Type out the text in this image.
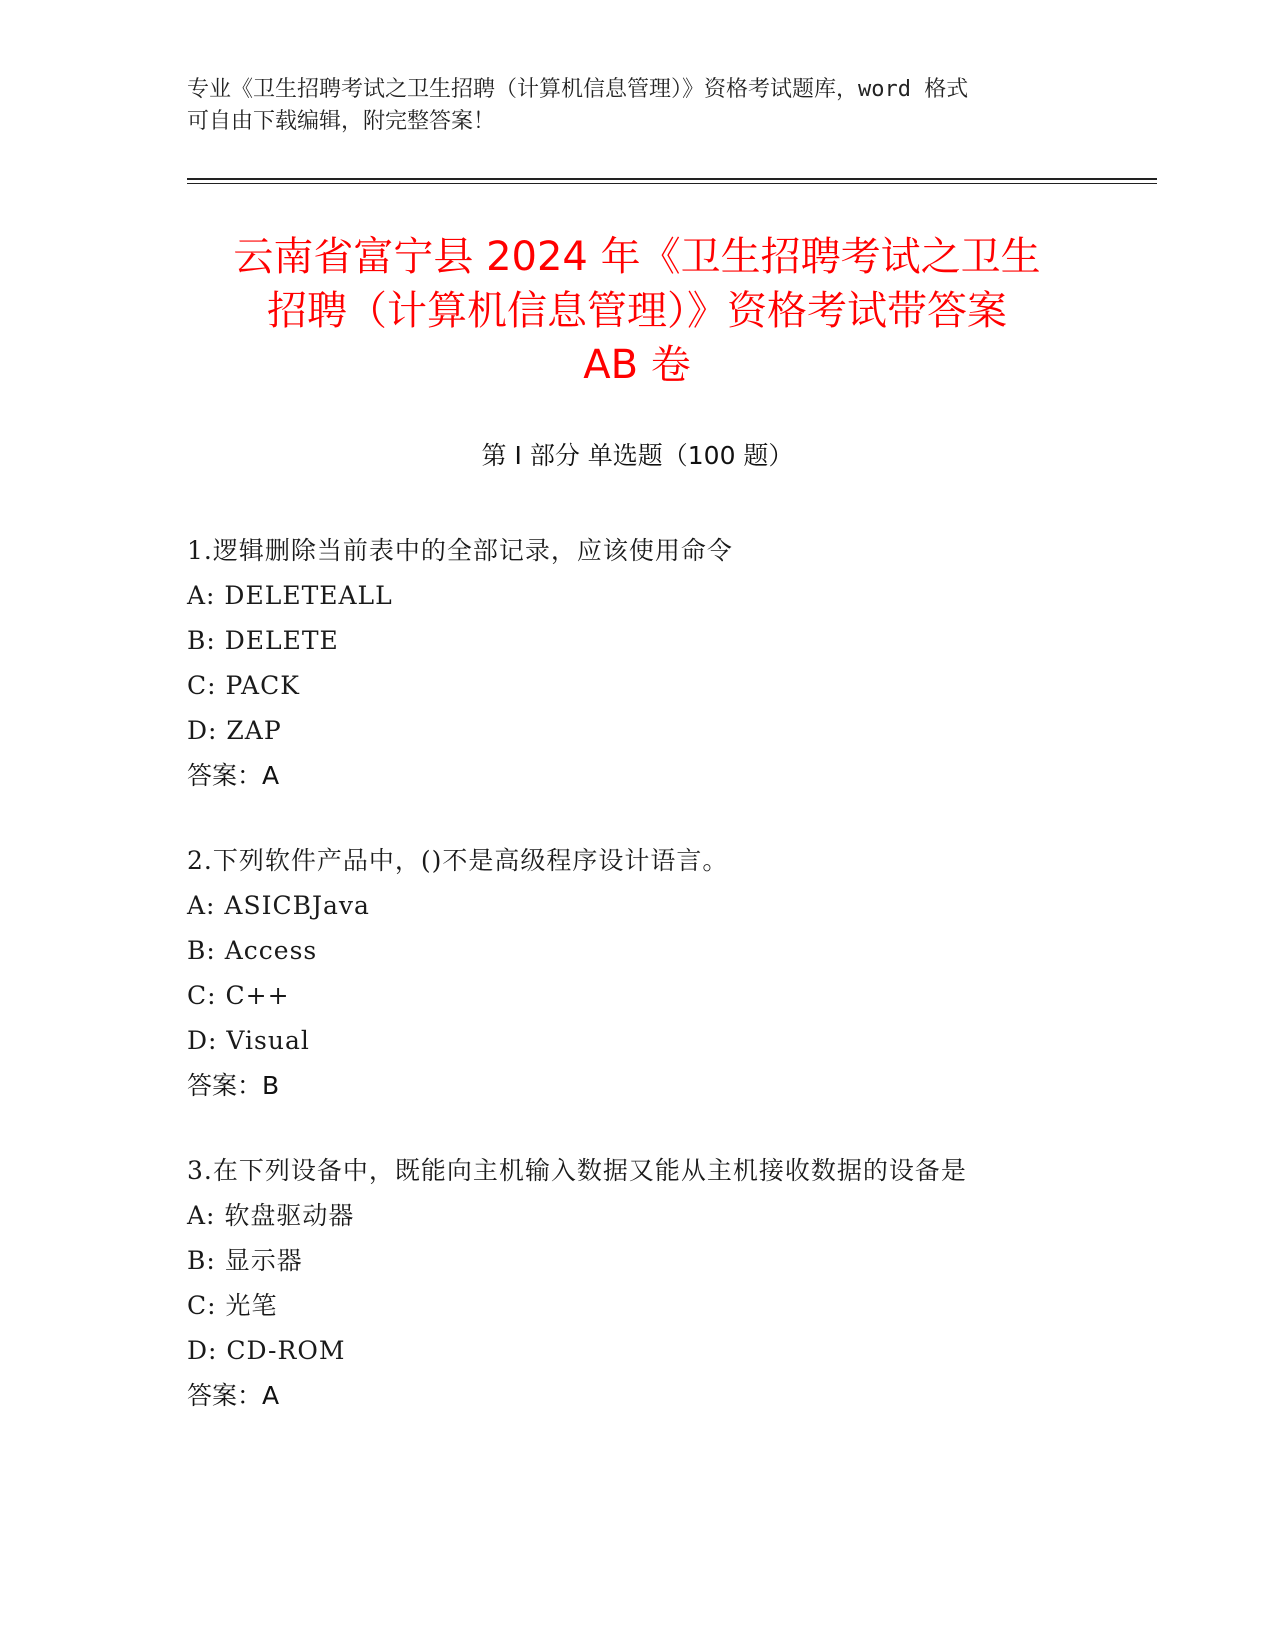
专业《卫生招聘考试之卫生招聘（计算机信息管理）》资格考试题库，word 格式
可自由下载编辑，附完整答案！
云南省富宁县 2024 年《卫生招聘考试之卫生
招聘（计算机信息管理）》资格考试带答案
AB 卷
第 I 部分 单选题（100 题）
1.逻辑删除当前表中的全部记录，应该使用命令
A: DELETEALL
B: DELETE
C: PACK
D: ZAP
答案：A
2.下列软件产品中，()不是高级程序设计语言。
A: ASICBJava
B: Access
C: C++
D: Visual
答案：B
3.在下列设备中，既能向主机输入数据又能从主机接收数据的设备是
A: 软盘驱动器
B: 显示器
C: 光笔
D: CD-ROM
答案：A
